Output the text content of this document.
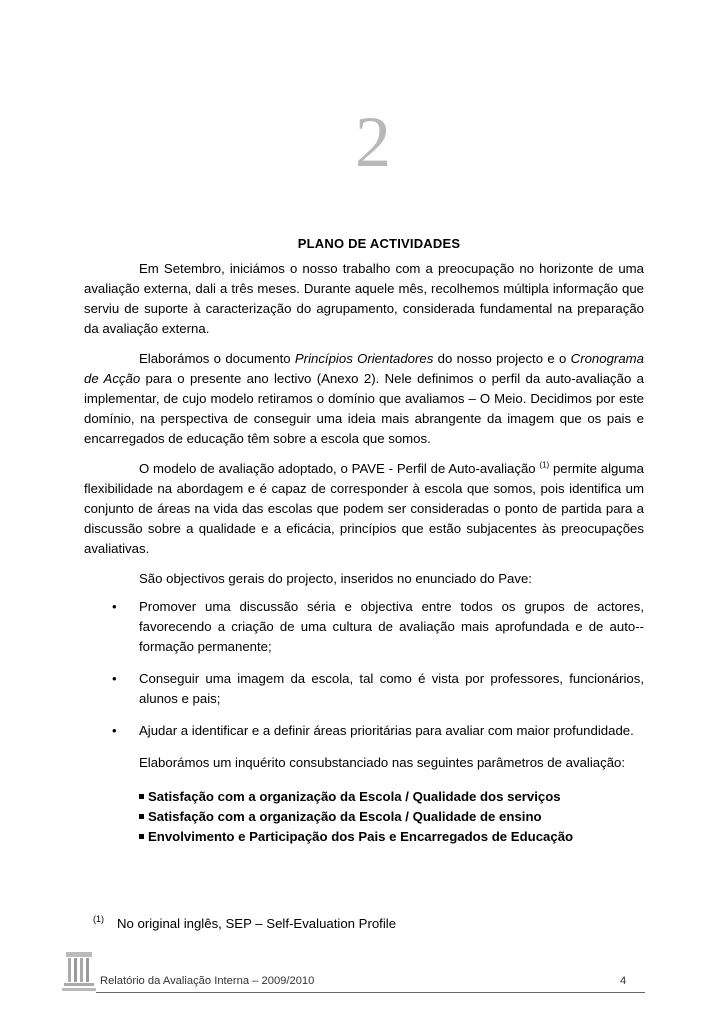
2
PLANO DE ACTIVIDADES

Em Setembro, iniciámos o nosso trabalho com a preocupação no horizonte de uma avaliação externa, dali a três meses. Durante aquele mês, recolhemos múltipla informação que serviu de suporte à caracterização do agrupamento, considerada fundamental na preparação da avaliação externa.

Elaborámos o documento Princípios Orientadores do nosso projecto e o Cronograma de Acção para o presente ano lectivo (Anexo 2). Nele definimos o perfil da auto-avaliação a implementar, de cujo modelo retiramos o domínio que avaliamos – O Meio. Decidimos por este domínio, na perspectiva de conseguir uma ideia mais abrangente da imagem que os pais e encarregados de educação têm sobre a escola que somos.

O modelo de avaliação adoptado, o PAVE - Perfil de Auto-avaliação $^{(1)}$ permite alguma flexibilidade na abordagem e é capaz de corresponder à escola que somos, pois identifica um conjunto de áreas na vida das escolas que podem ser consideradas o ponto de partida para a discussão sobre a qualidade e a eficácia, princípios que estão subjacentes às preocupações avaliativas.

São objectivos gerais do projecto, inseridos no enunciado do Pave:

• Promover uma discussão séria e objectiva entre todos os grupos de actores, favorecendo a criação de uma cultura de avaliação mais aprofundada e de auto--formação permanente;
• Conseguir uma imagem da escola, tal como é vista por professores, funcionários, alunos e pais;
• Ajudar a identificar e a definir áreas prioritárias para avaliar com maior profundidade.

Elaborámos um inquérito consubstanciado nas seguintes parâmetros de avaliação:

Satisfação com a organização da Escola / Qualidade dos serviços
Satisfação com a organização da Escola / Qualidade de ensino
Envolvimento e Participação dos Pais e Encarregados de Educação
(1) No original inglês, SEP – Self-Evaluation Profile
Relatório da Avaliação Interna – 2009/2010	4
